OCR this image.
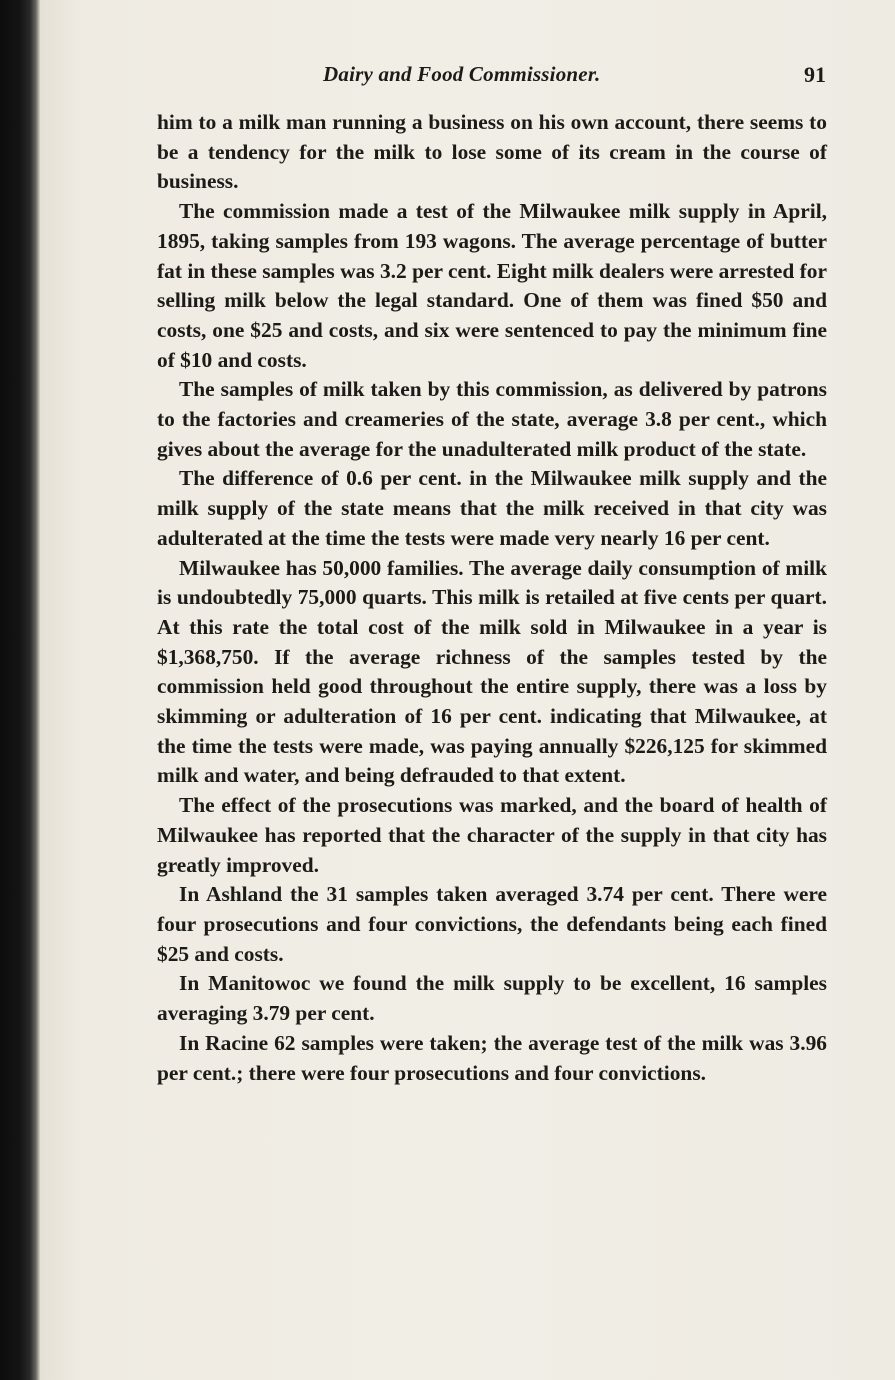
Dairy and Food Commissioner.	91

him to a milk man running a business on his own account, there seems to be a tendency for the milk to lose some of its cream in the course of business.

The commission made a test of the Milwaukee milk supply in April, 1895, taking samples from 193 wagons. The average percentage of butter fat in these samples was 3.2 per cent. Eight milk dealers were arrested for selling milk below the legal standard. One of them was fined $50 and costs, one $25 and costs, and six were sentenced to pay the minimum fine of $10 and costs.

The samples of milk taken by this commission, as delivered by patrons to the factories and creameries of the state, average 3.8 per cent., which gives about the average for the unadulterated milk product of the state.

The difference of 0.6 per cent. in the Milwaukee milk supply and the milk supply of the state means that the milk received in that city was adulterated at the time the tests were made very nearly 16 per cent.

Milwaukee has 50,000 families. The average daily consumption of milk is undoubtedly 75,000 quarts. This milk is retailed at five cents per quart. At this rate the total cost of the milk sold in Milwaukee in a year is $1,368,750. If the average richness of the samples tested by the commission held good throughout the entire supply, there was a loss by skimming or adulteration of 16 per cent. indicating that Milwaukee, at the time the tests were made, was paying annually $226,125 for skimmed milk and water, and being defrauded to that extent.

The effect of the prosecutions was marked, and the board of health of Milwaukee has reported that the character of the supply in that city has greatly improved.

In Ashland the 31 samples taken averaged 3.74 per cent. There were four prosecutions and four convictions, the defendants being each fined $25 and costs.

In Manitowoc we found the milk supply to be excellent, 16 samples averaging 3.79 per cent.

In Racine 62 samples were taken; the average test of the milk was 3.96 per cent.; there were four prosecutions and four convictions.
